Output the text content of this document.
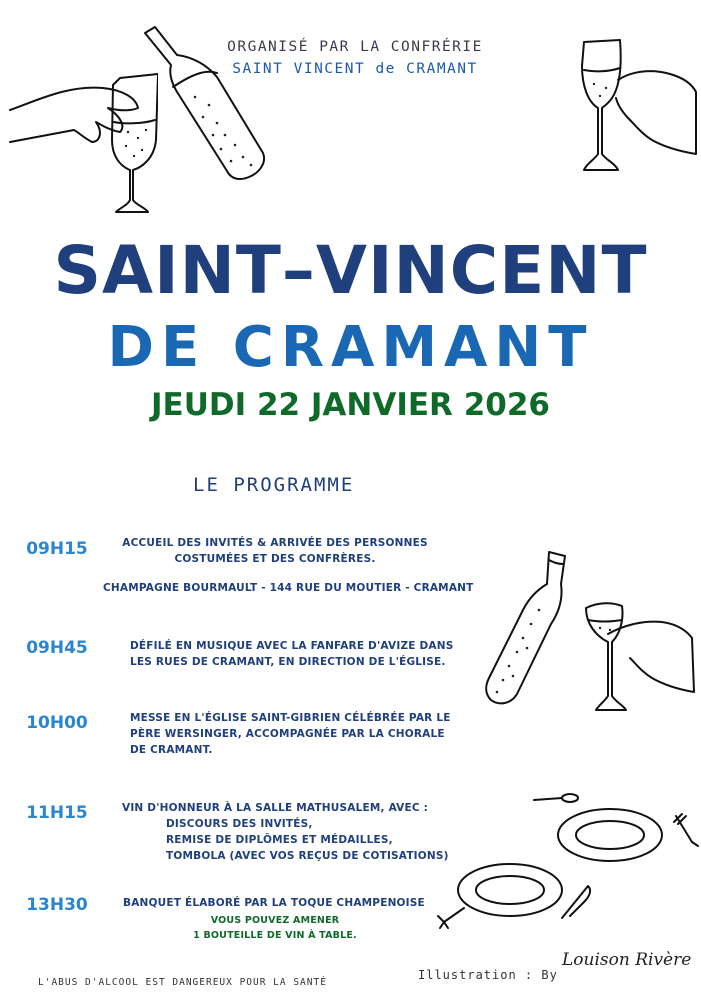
ORGANISÉ PAR LA CONFRÉRIE
SAINT VINCENT de CRAMANT
SAINT–VINCENT
DE CRAMANT
JEUDI 22 JANVIER 2026
LE PROGRAMME
09H15	ACCUEIL DES INVITÉS & ARRIVÉE DES PERSONNES
COSTUMÉES ET DES CONFRÈRES.
CHAMPAGNE BOURMAULT - 144 RUE DU MOUTIER - CRAMANT
09H45	DÉFILÉ EN MUSIQUE AVEC LA FANFARE D'AVIZE DANS
LES RUES DE CRAMANT, EN DIRECTION DE L'ÉGLISE.
10H00	MESSE EN L'ÉGLISE SAINT-GIBRIEN CÉLÉBRÉE PAR LE
PÈRE WERSINGER, ACCOMPAGNÉE PAR LA CHORALE
DE CRAMANT.
11H15	VIN D'HONNEUR À LA SALLE MATHUSALEM, AVEC :
DISCOURS DES INVITÉS,
REMISE DE DIPLÔMES ET MÉDAILLES,
TOMBOLA (AVEC VOS REÇUS DE COTISATIONS)
13H30	BANQUET ÉLABORÉ PAR LA TOQUE CHAMPENOISE
VOUS POUVEZ AMENER
1 BOUTEILLE DE VIN À TABLE.
L'ABUS D'ALCOOL EST DANGEREUX POUR LA SANTÉ
Illustration : By
Louison Rivère
